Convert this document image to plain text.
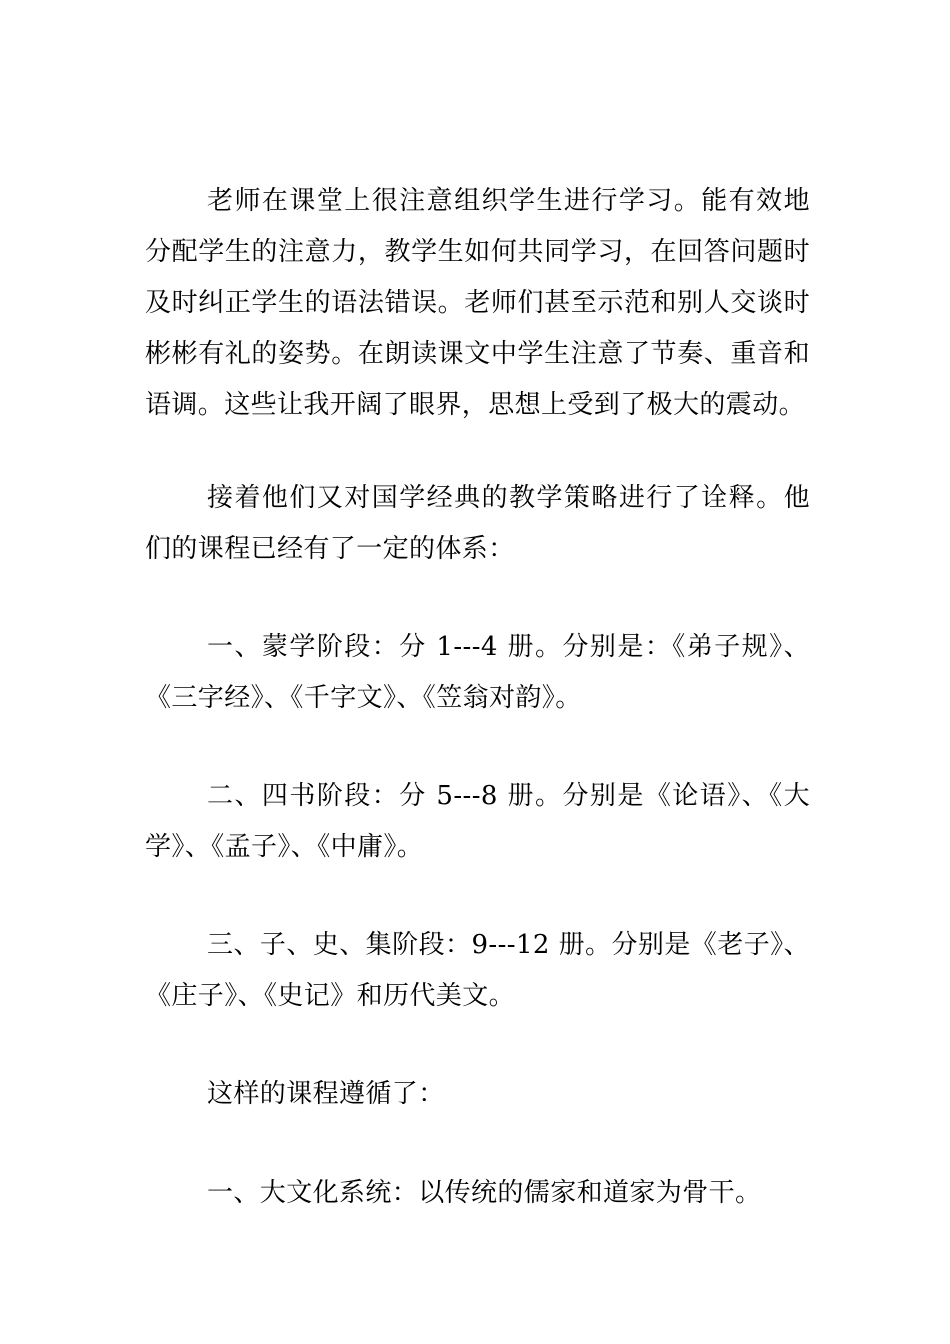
老师在课堂上很注意组织学生进行学习。能有效地分配学生的注意力，教学生如何共同学习，在回答问题时及时纠正学生的语法错误。老师们甚至示范和别人交谈时彬彬有礼的姿势。在朗读课文中学生注意了节奏、重音和语调。这些让我开阔了眼界，思想上受到了极大的震动。

接着他们又对国学经典的教学策略进行了诠释。他们的课程已经有了一定的体系：

一、蒙学阶段：分 1---4 册。分别是：《弟子规》、《三字经》、《千字文》、《笠翁对韵》。

二、四书阶段：分 5---8 册。分别是《论语》、《大学》、《孟子》、《中庸》。

三、子、史、集阶段：9---12 册。分别是《老子》、《庄子》、《史记》和历代美文。

这样的课程遵循了：

一、大文化系统：以传统的儒家和道家为骨干。
